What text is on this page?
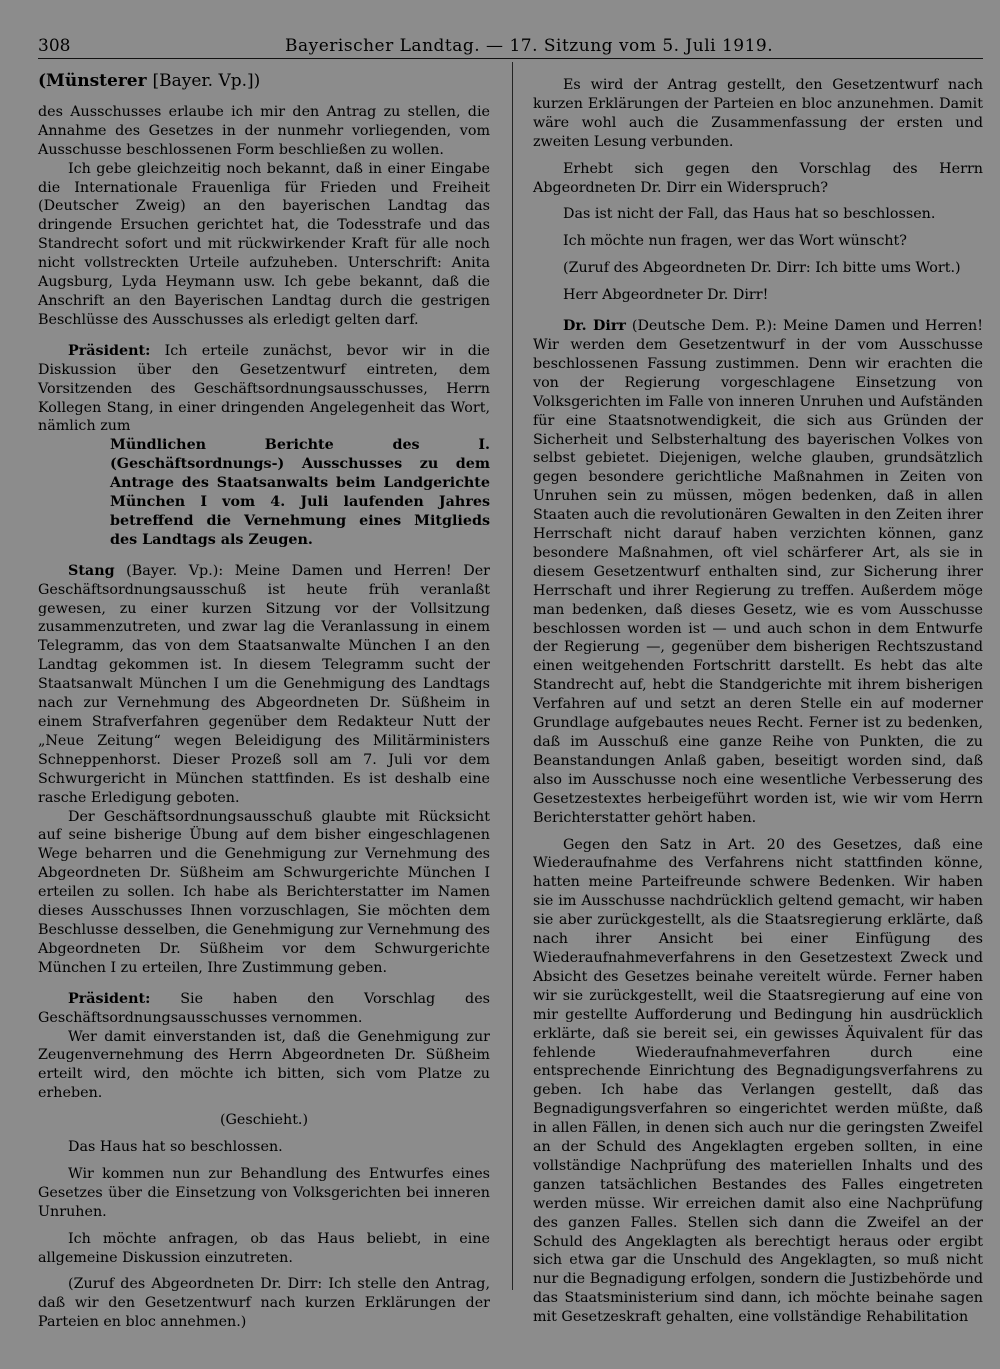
308	Bayerischer Landtag. — 17. Sitzung vom 5. Juli 1919.

(Münsterer [Bayer. Vp.])

des Ausschusses erlaube ich mir den Antrag zu stellen, die Annahme des Gesetzes in der nunmehr vorliegenden, vom Ausschusse beschlossenen Form beschließen zu wollen.

Ich gebe gleichzeitig noch bekannt, daß in einer Eingabe die Internationale Frauenliga für Frieden und Freiheit (Deutscher Zweig) an den bayerischen Landtag das dringende Ersuchen gerichtet hat, die Todesstrafe und das Standrecht sofort und mit rückwirkender Kraft für alle noch nicht vollstreckten Urteile aufzuheben. Unterschrift: Anita Augsburg, Lyda Heymann usw. Ich gebe bekannt, daß die Anschrift an den Bayerischen Landtag durch die gestrigen Beschlüsse des Ausschusses als erledigt gelten darf.

Präsident: Ich erteile zunächst, bevor wir in die Diskussion über den Gesetzentwurf eintreten, dem Vorsitzenden des Geschäftsordnungsausschusses, Herrn Kollegen Stang, in einer dringenden Angelegenheit das Wort, nämlich zum

Mündlichen Berichte des I. (Geschäftsordnungs-) Ausschusses zu dem Antrage des Staatsanwalts beim Landgerichte München I vom 4. Juli laufenden Jahres betreffend die Vernehmung eines Mitglieds des Landtags als Zeugen.

Stang (Bayer. Vp.): Meine Damen und Herren! Der Geschäftsordnungsausschuß ist heute früh veranlaßt gewesen, zu einer kurzen Sitzung vor der Vollsitzung zusammenzutreten, und zwar lag die Veranlassung in einem Telegramm, das von dem Staatsanwalte München I an den Landtag gekommen ist. In diesem Telegramm sucht der Staatsanwalt München I um die Genehmigung des Landtags nach zur Vernehmung des Abgeordneten Dr. Süßheim in einem Strafverfahren gegenüber dem Redakteur Nutt der „Neue Zeitung“ wegen Beleidigung des Militärministers Schneppenhorst. Dieser Prozeß soll am 7. Juli vor dem Schwurgericht in München stattfinden. Es ist deshalb eine rasche Erledigung geboten.

Der Geschäftsordnungsausschuß glaubte mit Rücksicht auf seine bisherige Übung auf dem bisher eingeschlagenen Wege beharren und die Genehmigung zur Vernehmung des Abgeordneten Dr. Süßheim am Schwurgerichte München I erteilen zu sollen. Ich habe als Berichterstatter im Namen dieses Ausschusses Ihnen vorzuschlagen, Sie möchten dem Beschlusse desselben, die Genehmigung zur Vernehmung des Abgeordneten Dr. Süßheim vor dem Schwurgerichte München I zu erteilen, Ihre Zustimmung geben.

Präsident: Sie haben den Vorschlag des Geschäftsordnungsausschusses vernommen.

Wer damit einverstanden ist, daß die Genehmigung zur Zeugenvernehmung des Herrn Abgeordneten Dr. Süßheim erteilt wird, den möchte ich bitten, sich vom Platze zu erheben.

(Geschieht.)

Das Haus hat so beschlossen.

Wir kommen nun zur Behandlung des Entwurfes eines Gesetzes über die Einsetzung von Volksgerichten bei inneren Unruhen.

Ich möchte anfragen, ob das Haus beliebt, in eine allgemeine Diskussion einzutreten.

(Zuruf des Abgeordneten Dr. Dirr: Ich stelle den Antrag, daß wir den Gesetzentwurf nach kurzen Erklärungen der Parteien en bloc annehmen.)

Es wird der Antrag gestellt, den Gesetzentwurf nach kurzen Erklärungen der Parteien en bloc anzunehmen. Damit wäre wohl auch die Zusammenfassung der ersten und zweiten Lesung verbunden.

Erhebt sich gegen den Vorschlag des Herrn Abgeordneten Dr. Dirr ein Widerspruch?

Das ist nicht der Fall, das Haus hat so beschlossen.

Ich möchte nun fragen, wer das Wort wünscht?

(Zuruf des Abgeordneten Dr. Dirr: Ich bitte ums Wort.)

Herr Abgeordneter Dr. Dirr!

Dr. Dirr (Deutsche Dem. P.): Meine Damen und Herren! Wir werden dem Gesetzentwurf in der vom Ausschusse beschlossenen Fassung zustimmen. Denn wir erachten die von der Regierung vorgeschlagene Einsetzung von Volksgerichten im Falle von inneren Unruhen und Aufständen für eine Staatsnotwendigkeit, die sich aus Gründen der Sicherheit und Selbsterhaltung des bayerischen Volkes von selbst gebietet. Diejenigen, welche glauben, grundsätzlich gegen besondere gerichtliche Maßnahmen in Zeiten von Unruhen sein zu müssen, mögen bedenken, daß in allen Staaten auch die revolutionären Gewalten in den Zeiten ihrer Herrschaft nicht darauf haben verzichten können, ganz besondere Maßnahmen, oft viel schärferer Art, als sie in diesem Gesetzentwurf enthalten sind, zur Sicherung ihrer Herrschaft und ihrer Regierung zu treffen. Außerdem möge man bedenken, daß dieses Gesetz, wie es vom Ausschusse beschlossen worden ist — und auch schon in dem Entwurfe der Regierung —, gegenüber dem bisherigen Rechtszustand einen weitgehenden Fortschritt darstellt. Es hebt das alte Standrecht auf, hebt die Standgerichte mit ihrem bisherigen Verfahren auf und setzt an deren Stelle ein auf moderner Grundlage aufgebautes neues Recht. Ferner ist zu bedenken, daß im Ausschuß eine ganze Reihe von Punkten, die zu Beanstandungen Anlaß gaben, beseitigt worden sind, daß also im Ausschusse noch eine wesentliche Verbesserung des Gesetzestextes herbeigeführt worden ist, wie wir vom Herrn Berichterstatter gehört haben.

Gegen den Satz in Art. 20 des Gesetzes, daß eine Wiederaufnahme des Verfahrens nicht stattfinden könne, hatten meine Parteifreunde schwere Bedenken. Wir haben sie im Ausschusse nachdrücklich geltend gemacht, wir haben sie aber zurückgestellt, als die Staatsregierung erklärte, daß nach ihrer Ansicht bei einer Einfügung des Wiederaufnahmeverfahrens in den Gesetzestext Zweck und Absicht des Gesetzes beinahe vereitelt würde. Ferner haben wir sie zurückgestellt, weil die Staatsregierung auf eine von mir gestellte Aufforderung und Bedingung hin ausdrücklich erklärte, daß sie bereit sei, ein gewisses Äquivalent für das fehlende Wiederaufnahmeverfahren durch eine entsprechende Einrichtung des Begnadigungsverfahrens zu geben. Ich habe das Verlangen gestellt, daß das Begnadigungsverfahren so eingerichtet werden müßte, daß in allen Fällen, in denen sich auch nur die geringsten Zweifel an der Schuld des Angeklagten ergeben sollten, in eine vollständige Nachprüfung des materiellen Inhalts und des ganzen tatsächlichen Bestandes des Falles eingetreten werden müsse. Wir erreichen damit also eine Nachprüfung des ganzen Falles. Stellen sich dann die Zweifel an der Schuld des Angeklagten als berechtigt heraus oder ergibt sich etwa gar die Unschuld des Angeklagten, so muß nicht nur die Begnadigung erfolgen, sondern die Justizbehörde und das Staatsministerium sind dann, ich möchte beinahe sagen mit Gesetzeskraft gehalten, eine vollständige Rehabilitation
